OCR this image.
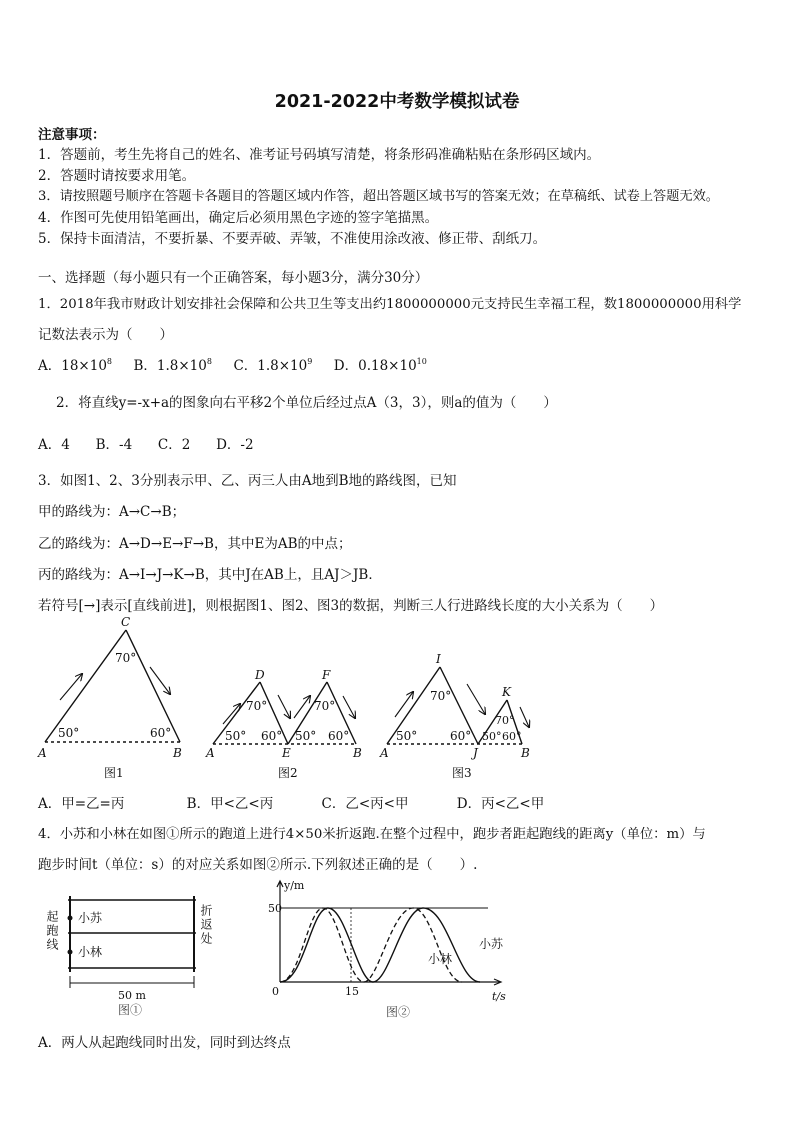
2021-2022中考数学模拟试卷
注意事项：
1．答题前，考生先将自己的姓名、准考证号码填写清楚，将条形码准确粘贴在条形码区域内。
2．答题时请按要求用笔。
3．请按照题号顺序在答题卡各题目的答题区域内作答，超出答题区域书写的答案无效；在草稿纸、试卷上答题无效。
4．作图可先使用铅笔画出，确定后必须用黑色字迹的签字笔描黑。
5．保持卡面清洁，不要折暴、不要弄破、弄皱，不准使用涂改液、修正带、刮纸刀。
一、选择题（每小题只有一个正确答案，每小题3分，满分30分）
1．2018年我市财政计划安排社会保障和公共卫生等支出约1800000000元支持民生幸福工程，数1800000000用科学
记数法表示为（　　）
A．$18\times 10^8$ B．$1.8\times 10^8$ C．$1.8\times 10^9$ D．$0.18\times 10^{10}$
2．将直线y=-x+a的图象向右平移2个单位后经过点A（3，3），则a的值为（　　）
A．4 B．-4 C．2 D．-2
3．如图1、2、3分别表示甲、乙、丙三人由A地到B地的路线图，已知
甲的路线为：A→C→B；
乙的路线为：A→D→E→F→B，其中E为AB的中点；
丙的路线为：A→I→J→K→B，其中J在AB上，且AJ＞JB．
若符号[→]表示[直线前进]，则根据图1、图2、图3的数据，判断三人行进路线长度的大小关系为（　　）
C
70°
50°	60°
A	B
图1
D	F
70°	70°
50° 60° 50° 60°
A	E	B
图2
I
70°	K
70°
50°	60° 50° 60°
A	J	B
图3
A．甲=乙=丙	B．甲<乙<丙	C．乙<丙<甲	D．丙<乙<甲
4．小苏和小林在如图①所示的跑道上进行4×50米折返跑.在整个过程中，跑步者距起跑线的距离y（单位：m）与
跑步时间t（单位：s）的对应关系如图②所示.下列叙述正确的是（　　）.
起跑线	折返处
小苏
小林
50 m
图①
y/m
50
0	15	t/s
小苏
小林
图②
A．两人从起跑线同时出发，同时到达终点
